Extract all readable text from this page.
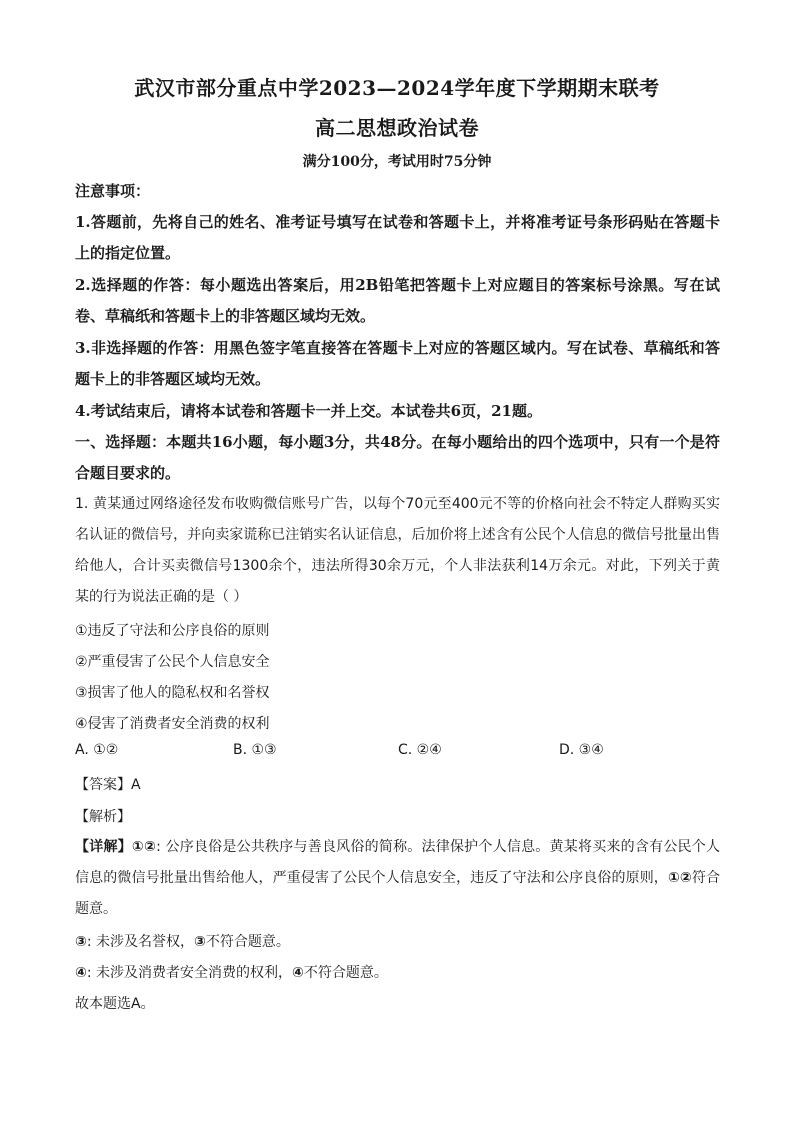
武汉市部分重点中学2023—2024学年度下学期期末联考
高二思想政治试卷
满分100分，考试用时75分钟
注意事项：
1.答题前，先将自己的姓名、准考证号填写在试卷和答题卡上，并将准考证号条形码贴在答题卡上的指定位置。
2.选择题的作答：每小题选出答案后，用2B铅笔把答题卡上对应题目的答案标号涂黑。写在试卷、草稿纸和答题卡上的非答题区域均无效。
3.非选择题的作答：用黑色签字笔直接答在答题卡上对应的答题区域内。写在试卷、草稿纸和答题卡上的非答题区域均无效。
4.考试结束后，请将本试卷和答题卡一并上交。本试卷共6页，21题。
一、选择题：本题共16小题，每小题3分，共48分。在每小题给出的四个选项中，只有一个是符合题目要求的。
1. 黄某通过网络途径发布收购微信账号广告，以每个70元至400元不等的价格向社会不特定人群购买实名认证的微信号，并向卖家谎称已注销实名认证信息，后加价将上述含有公民个人信息的微信号批量出售给他人，合计买卖微信号1300余个，违法所得30余万元，个人非法获利14万余元。对此，下列关于黄某的行为说法正确的是（ ）
①违反了守法和公序良俗的原则
②严重侵害了公民个人信息安全
③损害了他人的隐私权和名誉权
④侵害了消费者安全消费的权利
A. ①②	B. ①③	C. ②④	D. ③④
【答案】A
【解析】
【详解】①②: 公序良俗是公共秩序与善良风俗的简称。法律保护个人信息。黄某将买来的含有公民个人信息的微信号批量出售给他人，严重侵害了公民个人信息安全，违反了守法和公序良俗的原则，①②符合题意。
③: 未涉及名誉权，③不符合题意。
④: 未涉及消费者安全消费的权利，④不符合题意。
故本题选A。
